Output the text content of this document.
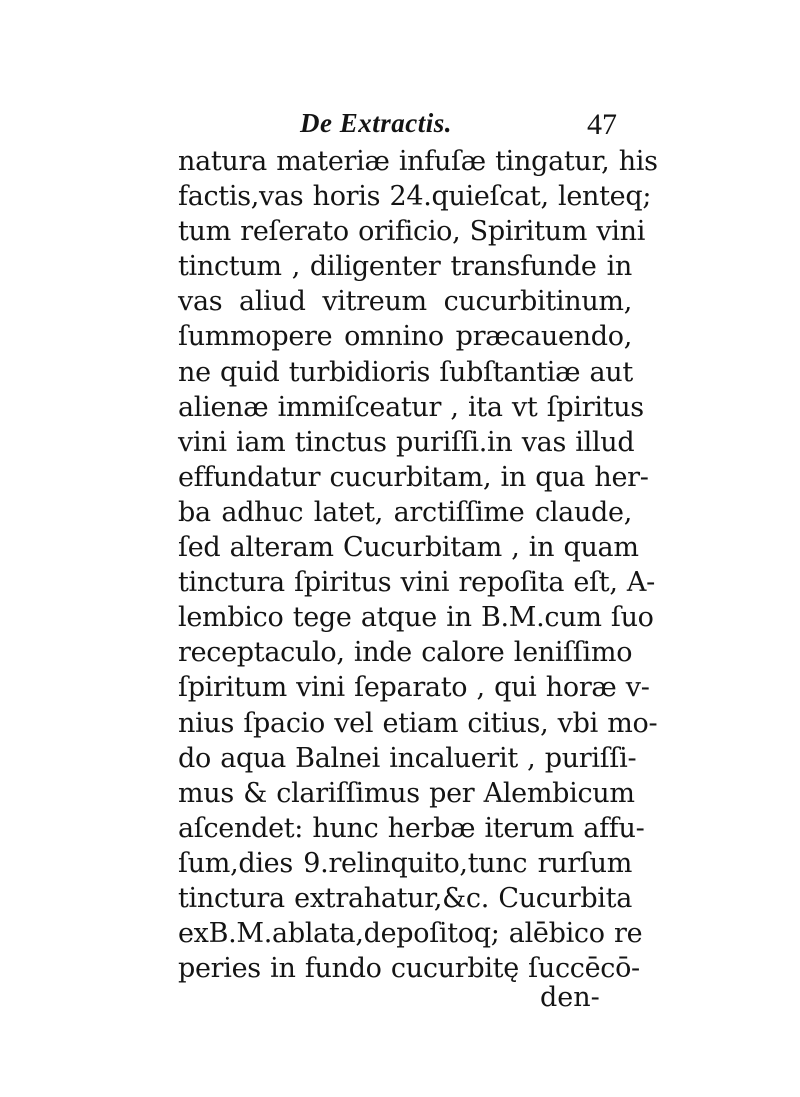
De Extractis.	47
natura materiæ infuſæ tingatur, his
factis,vas horis 24.quieſcat, lenteq;
tum reſerato orificio, Spiritum vini
tinctum , diligenter transfunde in
vas aliud vitreum cucurbitinum,
ſummopere omnino præcauendo,
ne quid turbidioris ſubſtantiæ aut
alienæ immiſceatur , ita vt ſpiritus
vini iam tinctus puriſſi.in vas illud
effundatur cucurbitam, in qua her-
ba adhuc latet, arctiſſime claude,
ſed alteram Cucurbitam , in quam
tinctura ſpiritus vini repoſita eſt, A-
lembico tege atque in B.M.cum ſuo
receptaculo, inde calore leniſſimo
ſpiritum vini ſeparato , qui horæ v-
nius ſpacio vel etiam citius, vbi mo-
do aqua Balnei incaluerit , puriſſi-
mus & clariſſimus per Alembicum
aſcendet: hunc herbæ iterum affu-
ſum,dies 9.relinquito,tunc rurſum
tinctura extrahatur,&c. Cucurbita
exB.M.ablata,depoſitoq; alēbico re
peries in fundo cucurbitę ſuccēcō-
den-
